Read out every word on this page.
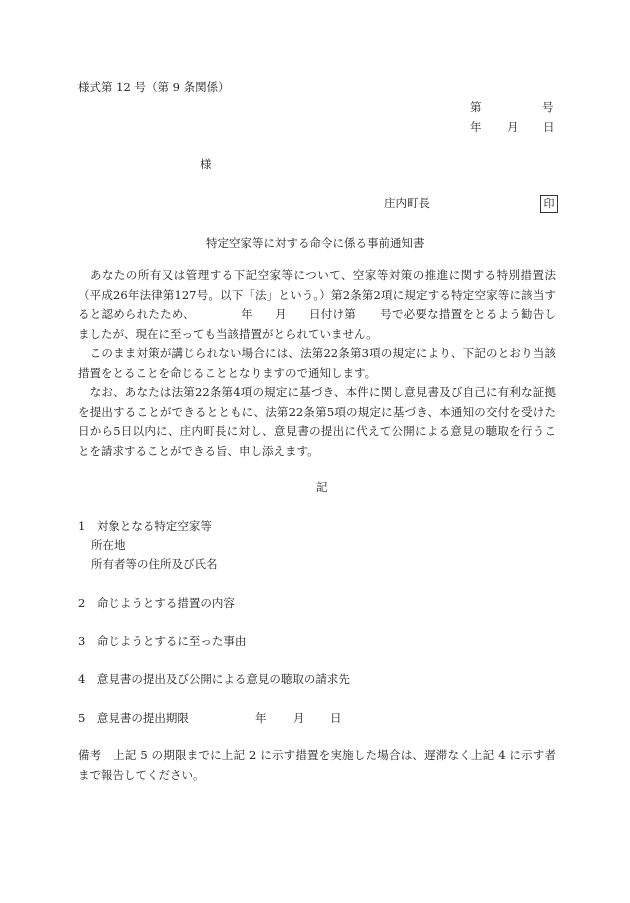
様式第 12 号（第 9 条関係）
第	号
年 月 日
様
庄内町長	印
特定空家等に対する命令に係る事前通知書
あなたの所有又は管理する下記空家等について、空家等対策の推進に関する特別措置法（平成26年法律第127号。以下「法」という。）第2条第2項に規定する特定空家等に該当すると認められたため、	年 月 日付け第 号で必要な措置をとるよう勧告しましたが、現在に至っても当該措置がとられていません。
このまま対策が講じられない場合には、法第22条第3項の規定により、下記のとおり当該措置をとることを命じることとなりますので通知します。
なお、あなたは法第22条第4項の規定に基づき、本件に関し意見書及び自己に有利な証拠を提出することができるとともに、法第22条第5項の規定に基づき、本通知の交付を受けた日から5日以内に、庄内町長に対し、意見書の提出に代えて公開による意見の聴取を行うことを請求することができる旨、申し添えます。
記
1　対象となる特定空家等
所在地
所有者等の住所及び氏名
2　命じようとする措置の内容
3　命じようとするに至った事由
4　意見書の提出及び公開による意見の聴取の請求先
5　意見書の提出期限	年 月 日
備考　上記 5 の期限までに上記 2 に示す措置を実施した場合は、遅滞なく上記 4 に示す者まで報告してください。
